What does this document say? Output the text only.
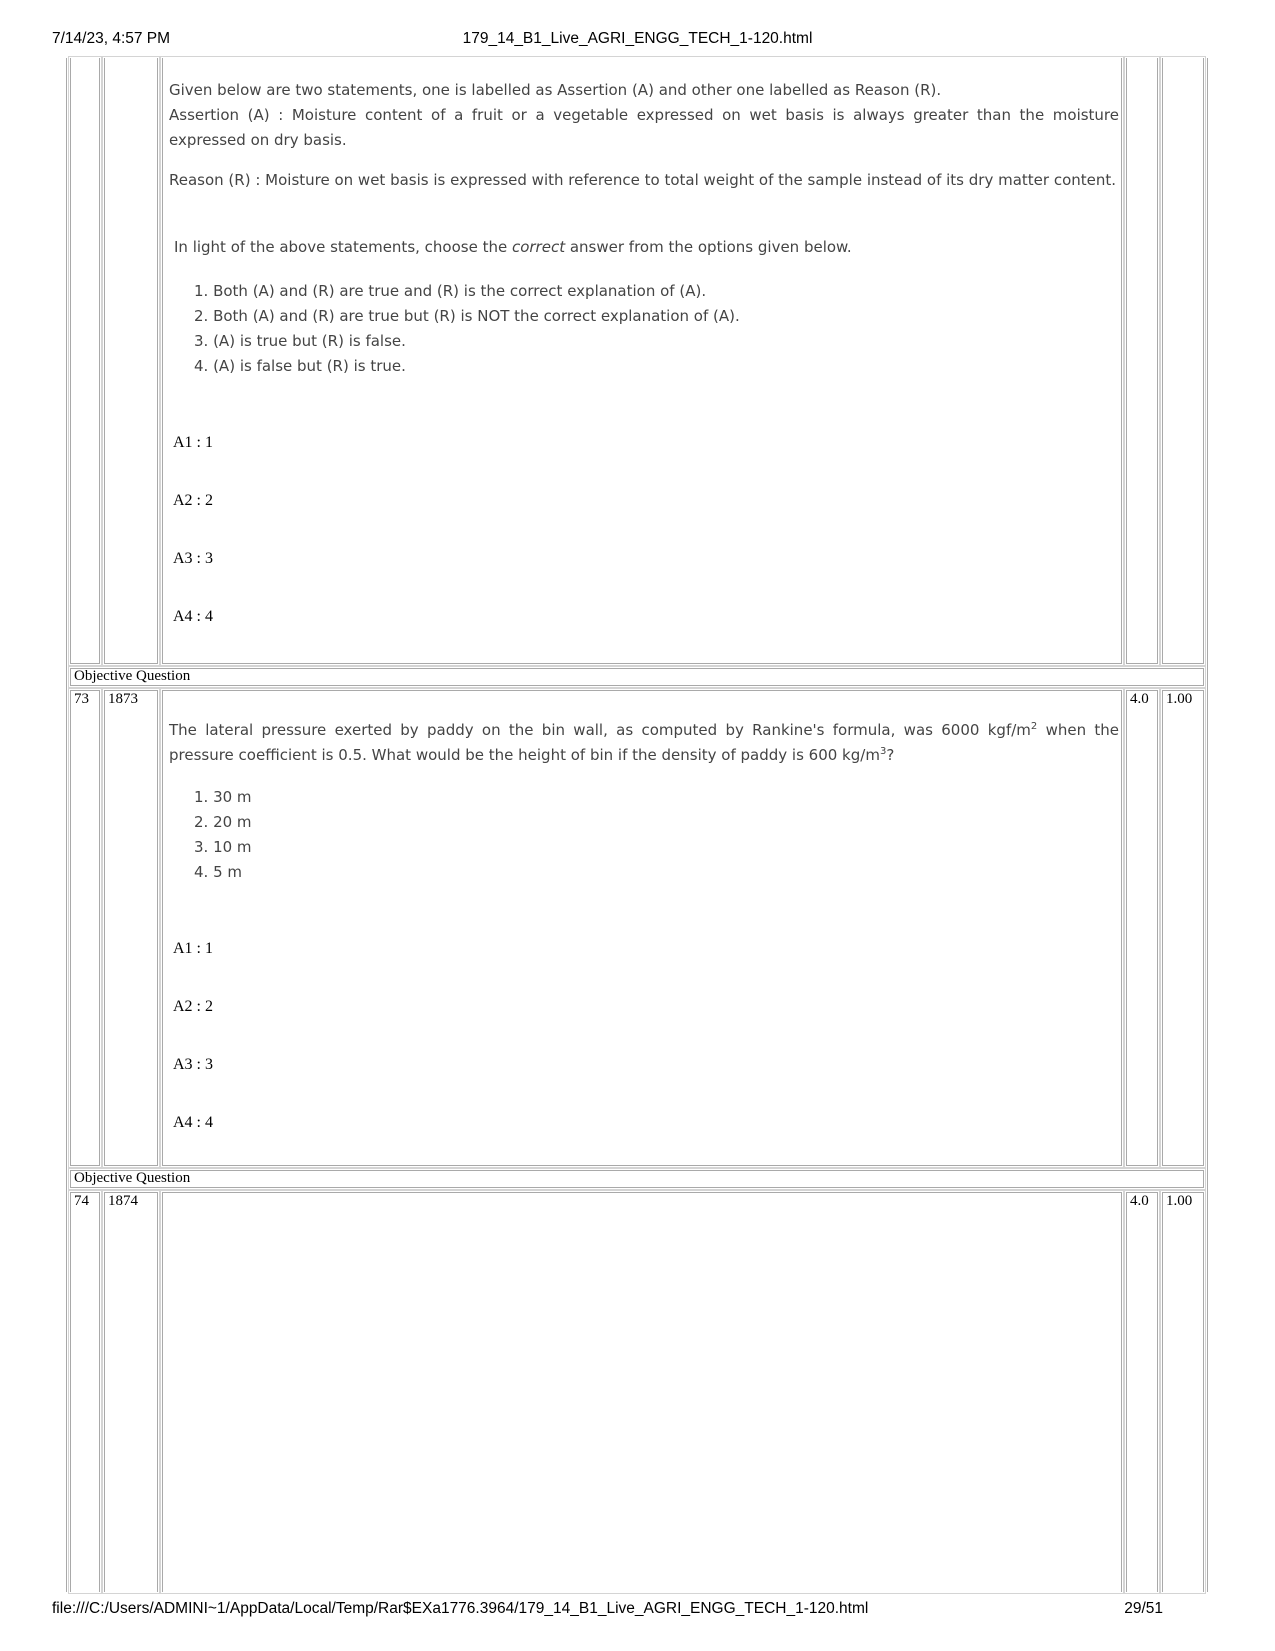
7/14/23, 4:57 PM	179_14_B1_Live_AGRI_ENGG_TECH_1-120.html
file:///C:/Users/ADMINI~1/AppData/Local/Temp/Rar$EXa1776.3964/179_14_B1_Live_AGRI_ENGG_TECH_1-120.html	29/51

Given below are two statements, one is labelled as Assertion (A) and other one labelled as Reason (R).

Assertion (A) : Moisture content of a fruit or a vegetable expressed on wet basis is always greater than the moisture expressed on dry basis.

Reason (R) : Moisture on wet basis is expressed with reference to total weight of the sample instead of its dry matter content.

In light of the above statements, choose the correct answer from the options given below.

1. Both (A) and (R) are true and (R) is the correct explanation of (A).
2. Both (A) and (R) are true but (R) is NOT the correct explanation of (A).
3. (A) is true but (R) is false.
4. (A) is false but (R) is true.
A1 : 1
A2 : 2
A3 : 3
A4 : 4
Objective Question
73 1873	4.0 1.00

The lateral pressure exerted by paddy on the bin wall, as computed by Rankine's formula, was 6000 kgf/$m^2$ when the pressure coefficient is 0.5. What would be the height of bin if the density of paddy is 600 $kg/m^3$?

1. 30 m
2. 20 m
3. 10 m
4. 5 m
A1 : 1
A2 : 2
A3 : 3
A4 : 4
Objective Question
74 1874	4.0 1.00
